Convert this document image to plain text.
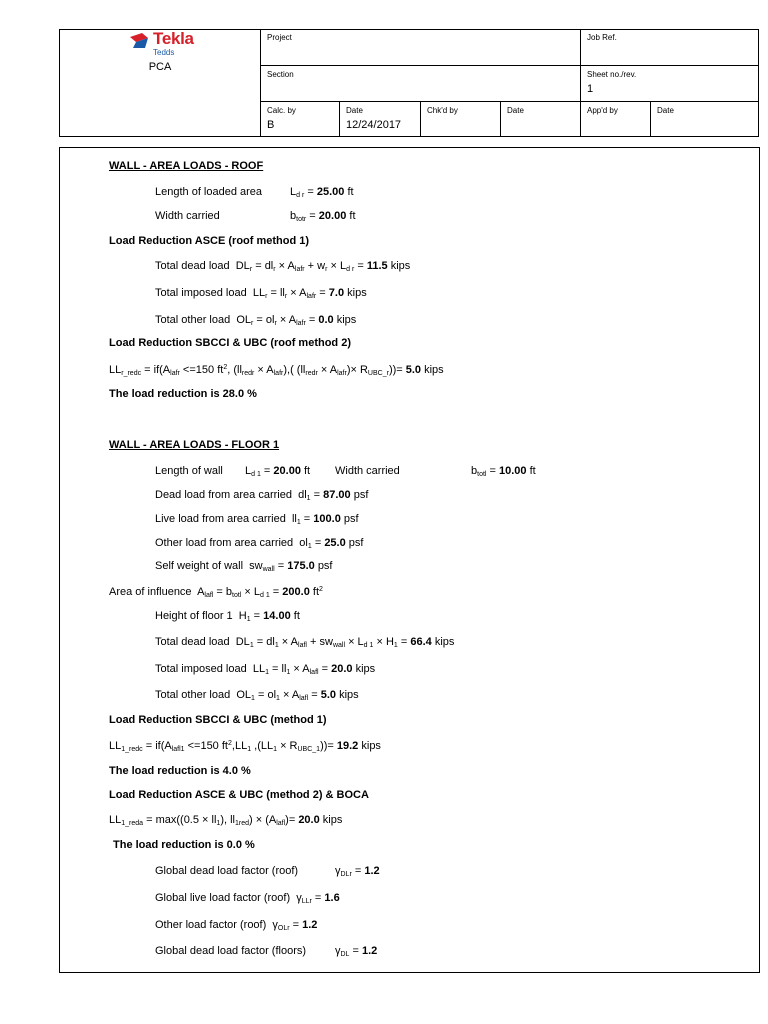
Tekla
Tedds
PCA
Project	Job Ref.
Section	Sheet no./rev.
1
Calc. by
B
Date
12/24/2017
Chk'd by	Date	App'd by	Date
WALL - AREA LOADS - ROOF
Length of loaded area	$L_{d r} = 25.00$ ft
Width carried	$b_{totr} = 20.00$ ft
Load Reduction ASCE (roof method 1)
Total dead load  $DL_r = dl_r \times A_{lafr} + w_r \times L_{d r} = 11.5$ kips
Total imposed load  $LL_r = ll_r \times A_{lafr} = 7.0$ kips
Total other load  $OL_r = ol_r \times A_{lafr} = 0.0$ kips
Load Reduction SBCCI & UBC (roof method 2)
$LL_{r\_redc} = if(A_{lafr} <=150$ $ft^2$, $(ll_{redr} \times A_{lafr})$,( $(ll_{redr} \times A_{lafr})\times R_{UBC\_r}))= 5.0$ kips
The load reduction is 28.0 %
WALL - AREA LOADS - FLOOR 1
Length of wall $L_{d 1} = 20.00$ ft Width carried	$b_{totl} = 10.00$ ft
Dead load from area carried  $dl_1 = 87.00$ psf
Live load from area carried  $ll_1 = 100.0$ psf
Other load from area carried  $ol_1 = 25.0$ psf
Self weight of wall  $sw_{wall} = 175.0$ psf
Area of influence  $A_{lafl} = b_{totl} \times L_{d 1} = 200.0$ $ft^2$
Height of floor 1  $H_1 = 14.00$ ft
Total dead load  $DL_1 = dl_1 \times A_{lafl} + sw_{wall} \times L_{d 1} \times H_1 = 66.4$ kips
Total imposed load  $LL_1 = ll_1 \times A_{lafl} = 20.0$ kips
Total other load  $OL_1 = ol_1 \times A_{lafl} = 5.0$ kips
Load Reduction SBCCI & UBC (method 1)
$LL_{1\_redc} = if(A_{lafl1} <=150$ $ft^2,LL_1$ $,(LL_1 \times R_{UBC\_1}))= 19.2$ kips
The load reduction is 4.0 %
Load Reduction ASCE & UBC (method 2) & BOCA
$LL_{1\_reda} = \max((0.5 \times ll_1)$, $ll_{1red}) \times (A_{lafl})= 20.0$ kips
The load reduction is 0.0 %
Global dead load factor (roof)	$\gamma_{DLr} = 1.2$
Global live load factor (roof)  $\gamma_{LLr} = 1.6$
Other load factor (roof)  $\gamma_{OLr} = 1.2$
Global dead load factor (floors)	$\gamma_{DL} = 1.2$
